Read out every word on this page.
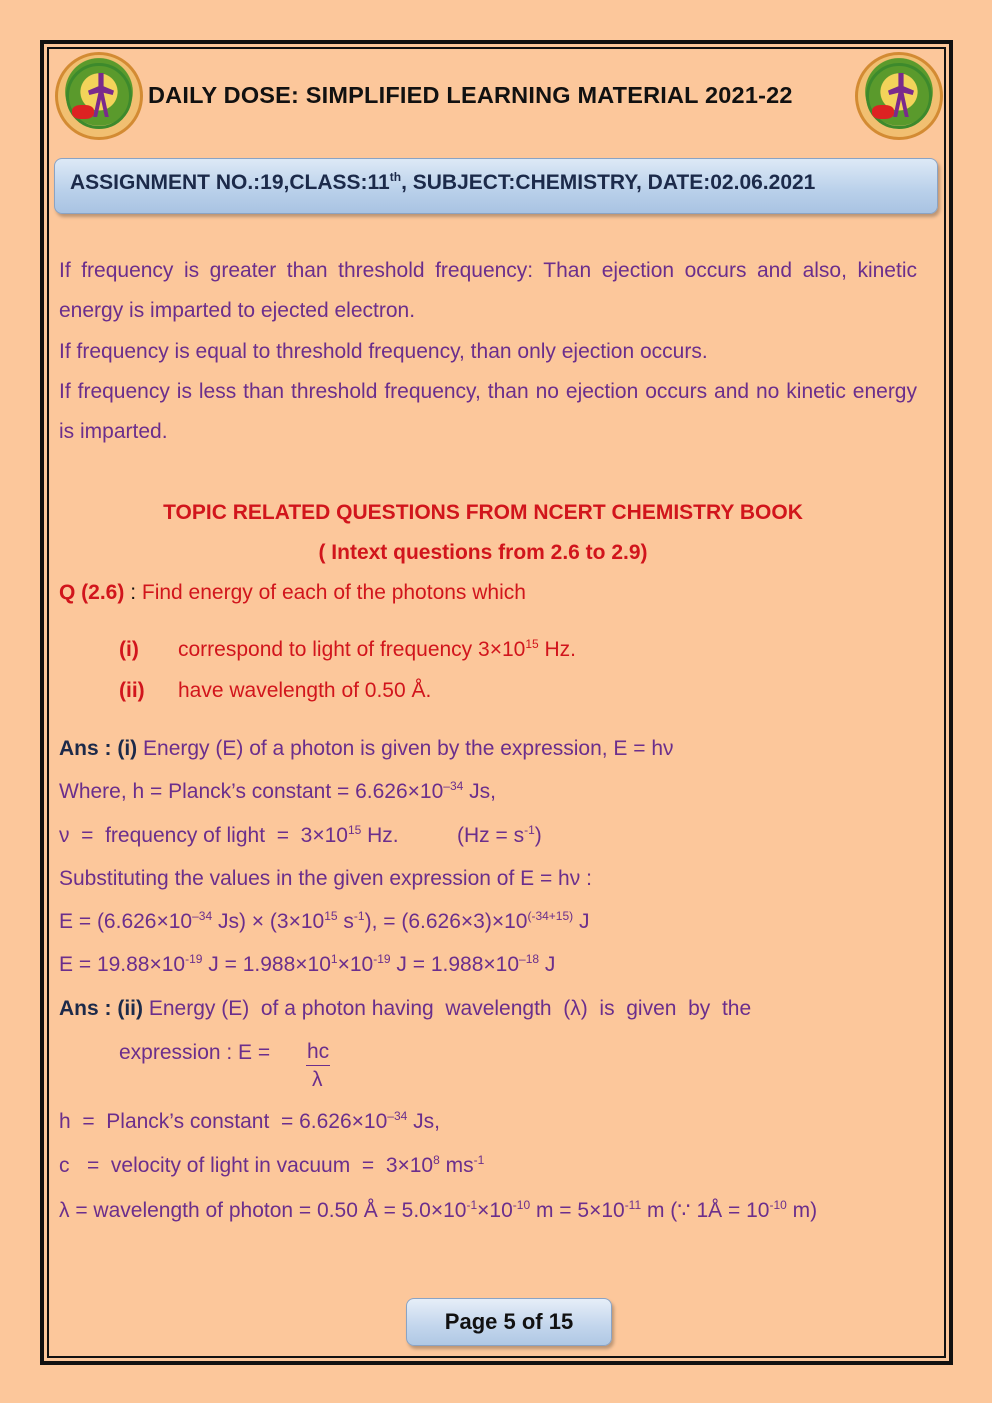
DAILY DOSE: SIMPLIFIED LEARNING MATERIAL 2021-22
ASSIGNMENT NO.:19,CLASS:11th, SUBJECT:CHEMISTRY, DATE:02.06.2021
If frequency is greater than threshold frequency: Than ejection occurs and also, kinetic energy is imparted to ejected electron.
If frequency is equal to threshold frequency, than only ejection occurs.
If frequency is less than threshold frequency, than no ejection occurs and no kinetic energy is imparted.
TOPIC RELATED QUESTIONS FROM NCERT CHEMISTRY BOOK
( Intext questions from 2.6 to 2.9)
Q (2.6) : Find energy of each of the photons which
(i) correspond to light of frequency $3\times 10^{15}$ Hz.
(ii) have wavelength of 0.50 Å.
Ans : (i) Energy (E) of a photon is given by the expression, E = hν
Where, h = Planck’s constant = $6.626\times 10^{-34}$ Js,
ν  =  frequency of light  =  $3\times 10^{15}$ Hz.          $(Hz = s^{-1})$
Substituting the values in the given expression of E = hν :
$E = (6.626\times 10^{-34}$ $Js) \times (3\times 10^{15}$ $s^{-1}$), = $(6.626\times 3)\times 10^{(-34+15)}$ J
$E = 19.88\times 10^{-19}$ $J = 1.988\times 10^1\times 10^{-19}$ $J = 1.988\times 10^{-18}$ J
Ans : (ii) Energy (E)  of a photon having  wavelength  (λ)  is  given  by  the
expression : E = hc
λ
h  =  Planck’s constant  = $6.626\times 10^{-34}$ Js,
c   =  velocity of light in vacuum  =  $3\times 10^8$ $ms^{-1}$
λ = wavelength of photon = 0.50 Å = $5.0\times 10^{-1}\times 10^{-10}$ $m = 5\times 10^{-11}$ m (∵ 1Å = $10^{-10}$ m)
Page 5 of 15
